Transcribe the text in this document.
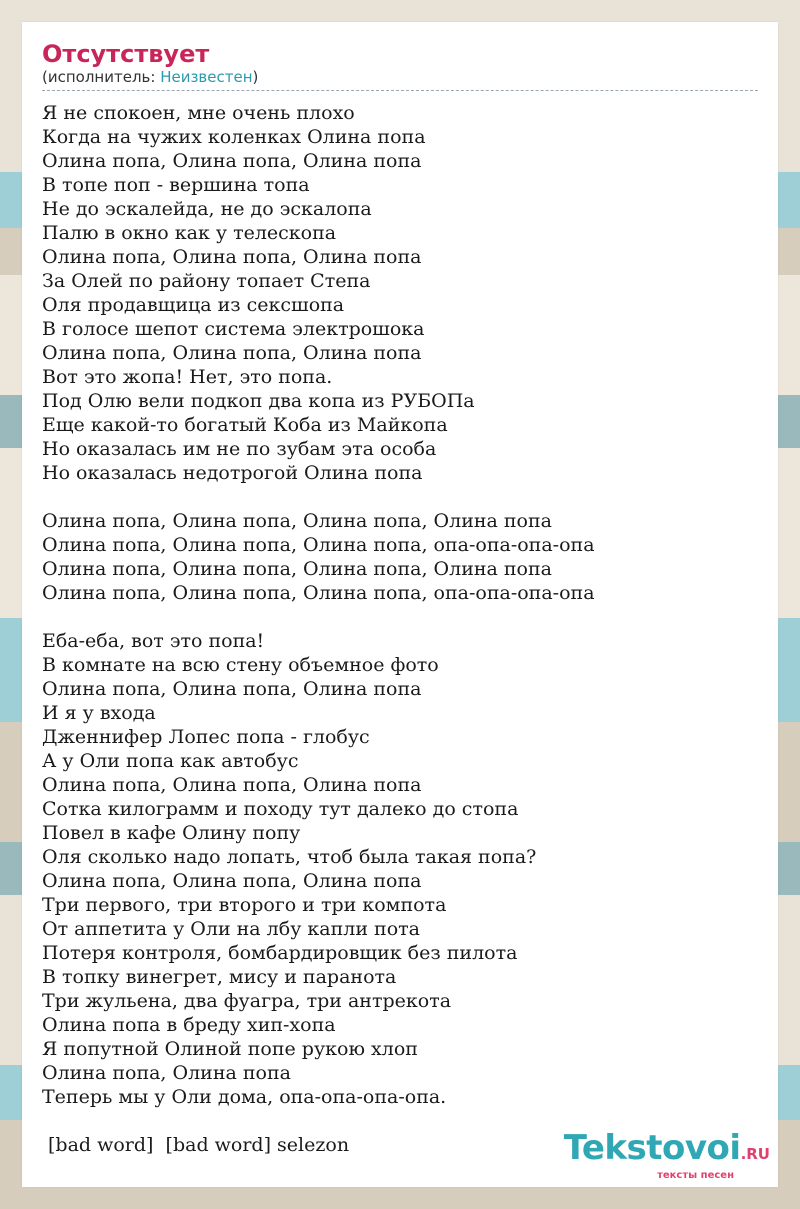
Отсутствует
(исполнитель: Неизвестен)
Я не спокоен, мне очень плохо
Когда на чужих коленках Олина попа
Олина попа, Олина попа, Олина попа
В топе поп - вершина топа
Не до эскалейда, не до эскалопа
Палю в окно как у телескопа
Олина попа, Олина попа, Олина попа
За Олей по району топает Степа
Оля продавщица из сексшопа
В голосе шепот система электрошока
Олина попа, Олина попа, Олина попа
Вот это жопа! Нет, это попа.
Под Олю вели подкоп два копа из РУБОПа
Еще какой-то богатый Коба из Майкопа
Но оказалась им не по зубам эта особа
Но оказалась недотрогой Олина попа
Олина попа, Олина попа, Олина попа, Олина попа
Олина попа, Олина попа, Олина попа, опа-опа-опа-опа
Олина попа, Олина попа, Олина попа, Олина попа
Олина попа, Олина попа, Олина попа, опа-опа-опа-опа
Еба-еба, вот это попа!
В комнате на всю стену объемное фото
Олина попа, Олина попа, Олина попа
И я у входа
Дженнифер Лопес попа - глобус
А у Оли попа как автобус
Олина попа, Олина попа, Олина попа
Сотка килограмм и походу тут далеко до стопа
Повел в кафе Олину попу
Оля сколько надо лопать, чтоб была такая попа?
Олина попа, Олина попа, Олина попа
Три первого, три второго и три компота
От аппетита у Оли на лбу капли пота
Потеря контроля, бомбардировщик без пилота
В топку винегрет, мису и паранота
Три жульена, два фуагра, три антрекота
Олина попа в бреду хип-хопа
Я попутной Олиной попе рукою хлоп
Олина попа, Олина попа
Теперь мы у Оли дома, опа-опа-опа-опа.
[bad word]  [bad word] selezon	Tekstovoi.RU
тексты песен
